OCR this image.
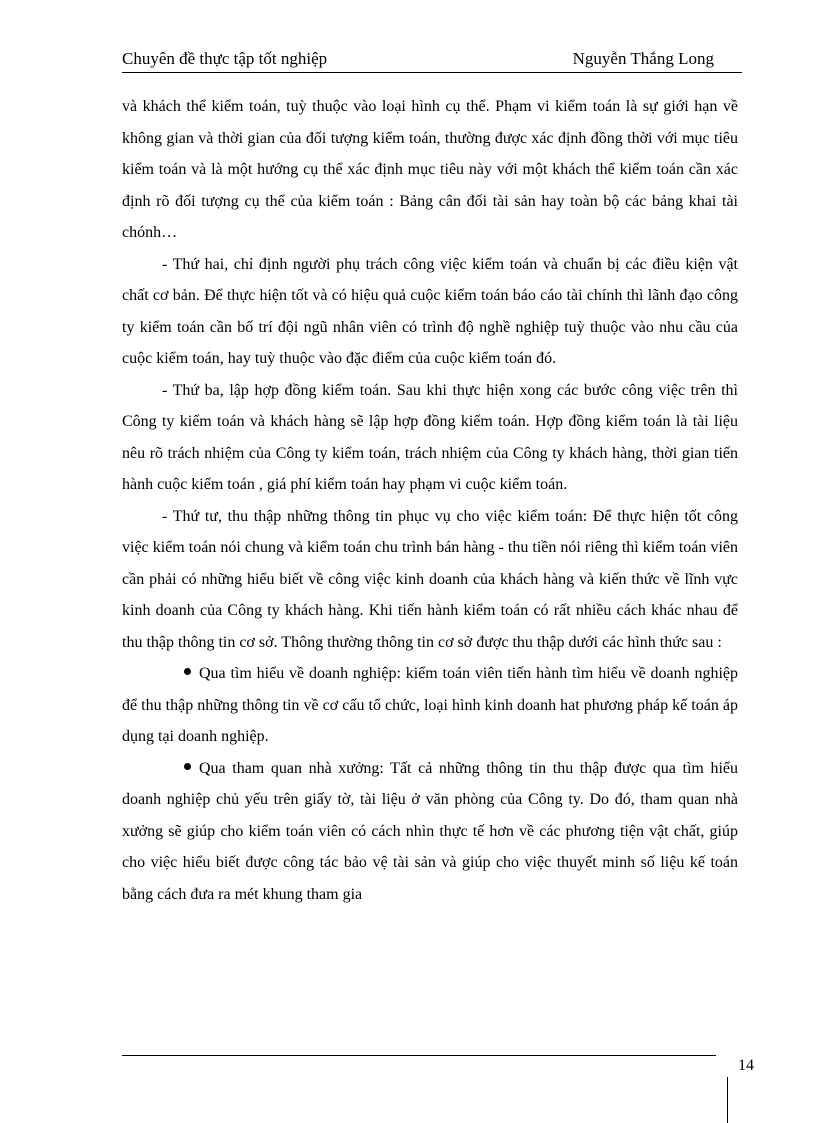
Chuyên đề thực tập tốt nghiệp	Nguyễn Thắng Long

và khách thể kiểm toán, tuỳ thuộc vào loại hình cụ thể. Phạm vi kiểm toán là sự giới hạn về không gian và thời gian của đối tượng kiểm toán, thường được xác định đồng thời với mục tiêu kiểm toán và là một hướng cụ thể xác định mục tiêu này với một khách thể kiểm toán cần xác định rõ đối tượng cụ thể của kiểm toán : Bảng cân đối tài sản hay toàn bộ các bảng khai tài chónh…

- Thứ hai, chỉ định người phụ trách công việc kiểm toán và chuẩn bị các điều kiện vật chất cơ bản. Để thực hiện tốt và có hiệu quả cuộc kiểm toán báo cáo tài chính thì lãnh đạo công ty kiểm toán cần bố trí đội ngũ nhân viên có trình độ nghề nghiệp tuỳ thuộc vào nhu cầu của cuộc kiểm toán, hay tuỳ thuộc vào đặc điểm của cuộc kiểm toán đó.

- Thứ ba, lập hợp đồng kiểm toán. Sau khi thực hiện xong các bước công việc trên thì Công ty kiểm toán và khách hàng sẽ lập hợp đồng kiểm toán. Hợp đồng kiểm toán là tài liệu nêu rõ trách nhiệm của Công ty kiểm toán, trách nhiệm của Công ty khách hàng, thời gian tiến hành cuộc kiểm toán , giá phí kiểm toán hay phạm vi cuộc kiểm toán.

- Thứ tư, thu thập những thông tin phục vụ cho việc kiểm toán: Để thực hiện tốt công việc kiểm toán nói chung và kiểm toán chu trình bán hàng - thu tiền nói riêng thì kiểm toán viên cần phải có những hiểu biết về công việc kinh doanh của khách hàng và kiến thức về lĩnh vực kinh doanh của Công ty khách hàng. Khi tiến hành kiểm toán có rất nhiều cách khác nhau để thu thập thông tin cơ sở. Thông thường thông tin cơ sở được thu thập dưới các hình thức sau :

Qua tìm hiểu về doanh nghiệp: kiểm toán viên tiến hành tìm hiểu về doanh nghiệp để thu thập những thông tin về cơ cấu tổ chức, loại hình kinh doanh hat phương pháp kế toán áp dụng tại doanh nghiệp.

Qua tham quan nhà xưởng: Tất cả những thông tin thu thập được qua tìm hiểu doanh nghiệp chủ yếu trên giấy tờ, tài liệu ở văn phòng của Công ty. Do đó, tham quan nhà xưởng sẽ giúp cho kiểm toán viên có cách nhìn thực tế hơn về các phương tiện vật chất, giúp cho việc hiểu biết được công tác bảo vệ tài sản và giúp cho việc thuyết minh số liệu kế toán bằng cách đưa ra mét khung tham gia

14
